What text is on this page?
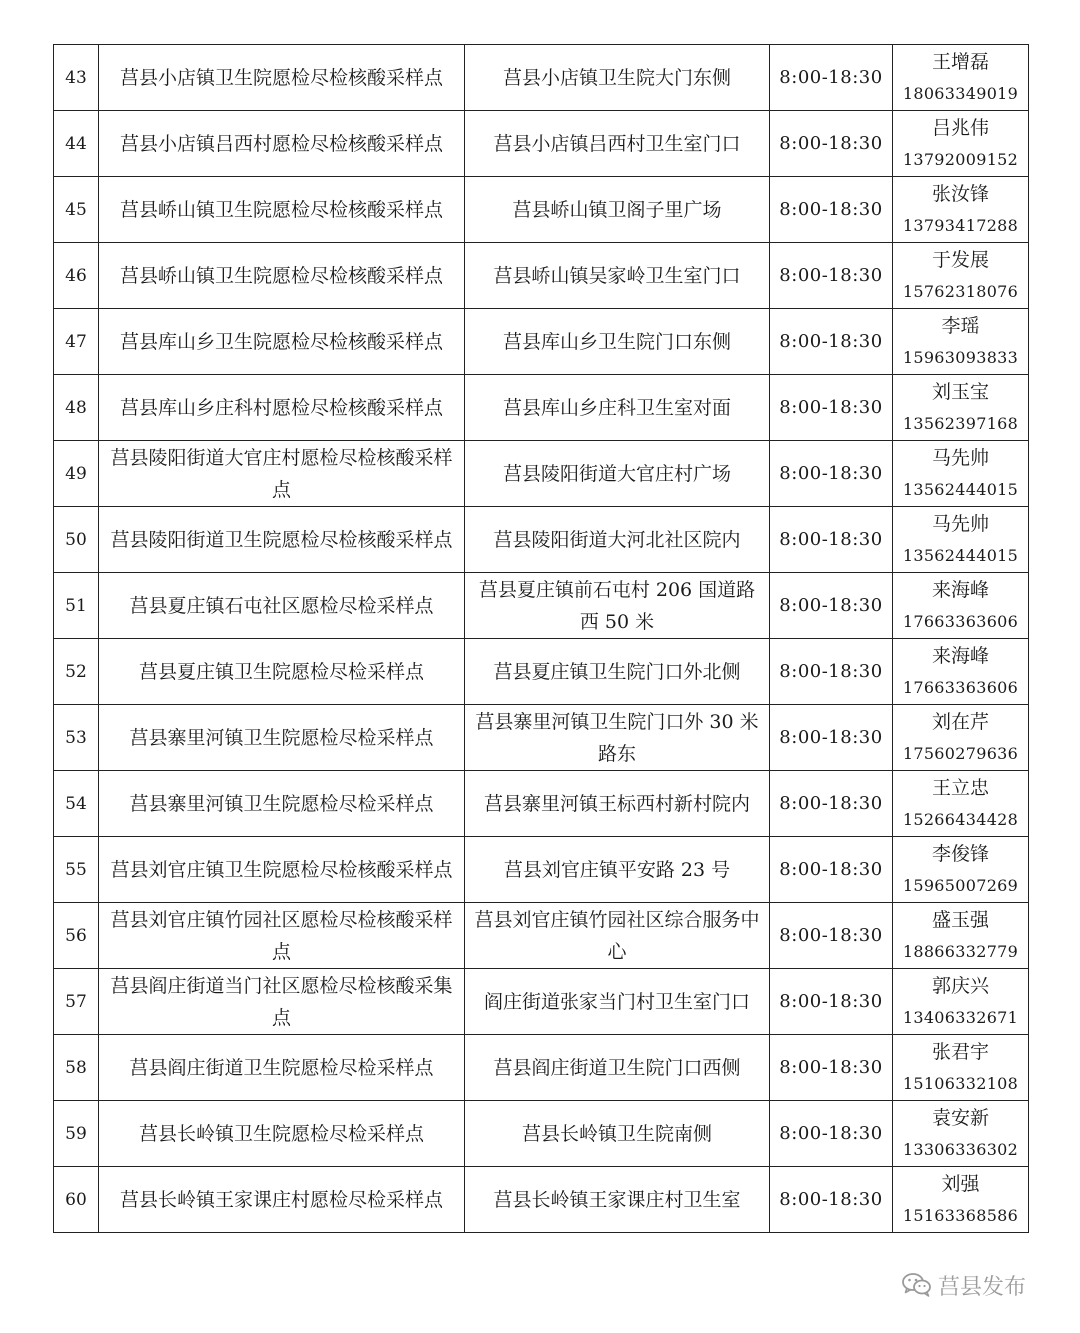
43	莒县小店镇卫生院愿检尽检核酸采样点	莒县小店镇卫生院大门东侧	8:00-18:30	王增磊
18063349019

44	莒县小店镇吕西村愿检尽检核酸采样点	莒县小店镇吕西村卫生室门口	8:00-18:30	吕兆伟
13792009152

45	莒县峤山镇卫生院愿检尽检核酸采样点	莒县峤山镇卫阁子里广场	8:00-18:30	张汝锋
13793417288

46	莒县峤山镇卫生院愿检尽检核酸采样点	莒县峤山镇吴家岭卫生室门口	8:00-18:30	于发展
15762318076

47	莒县库山乡卫生院愿检尽检核酸采样点	莒县库山乡卫生院门口东侧	8:00-18:30	李瑶
15963093833

48	莒县库山乡庄科村愿检尽检核酸采样点	莒县库山乡庄科卫生室对面	8:00-18:30	刘玉宝
13562397168

49	莒县陵阳街道大官庄村愿检尽检核酸采样点	莒县陵阳街道大官庄村广场	8:00-18:30	马先帅
13562444015

50	莒县陵阳街道卫生院愿检尽检核酸采样点	莒县陵阳街道大河北社区院内	8:00-18:30	马先帅
13562444015

51	莒县夏庄镇石屯社区愿检尽检采样点	莒县夏庄镇前石屯村 206 国道路西 50 米	8:00-18:30	来海峰
17663363606

52	莒县夏庄镇卫生院愿检尽检采样点	莒县夏庄镇卫生院门口外北侧	8:00-18:30	来海峰
17663363606

53	莒县寨里河镇卫生院愿检尽检采样点	莒县寨里河镇卫生院门口外 30 米路东	8:00-18:30	刘在芹
17560279636

54	莒县寨里河镇卫生院愿检尽检采样点	莒县寨里河镇王标西村新村院内	8:00-18:30	王立忠
15266434428

55	莒县刘官庄镇卫生院愿检尽检核酸采样点	莒县刘官庄镇平安路 23 号	8:00-18:30	李俊锋
15965007269

56	莒县刘官庄镇竹园社区愿检尽检核酸采样点	莒县刘官庄镇竹园社区综合服务中心	8:00-18:30	盛玉强
18866332779

57	莒县阎庄街道当门社区愿检尽检核酸采集点	阎庄街道张家当门村卫生室门口	8:00-18:30	郭庆兴
13406332671

58	莒县阎庄街道卫生院愿检尽检采样点	莒县阎庄街道卫生院门口西侧	8:00-18:30	张君宇
15106332108

59	莒县长岭镇卫生院愿检尽检采样点	莒县长岭镇卫生院南侧	8:00-18:30	袁安新
13306336302

60	莒县长岭镇王家课庄村愿检尽检采样点	莒县长岭镇王家课庄村卫生室	8:00-18:30	刘强
15163368586
莒县发布
